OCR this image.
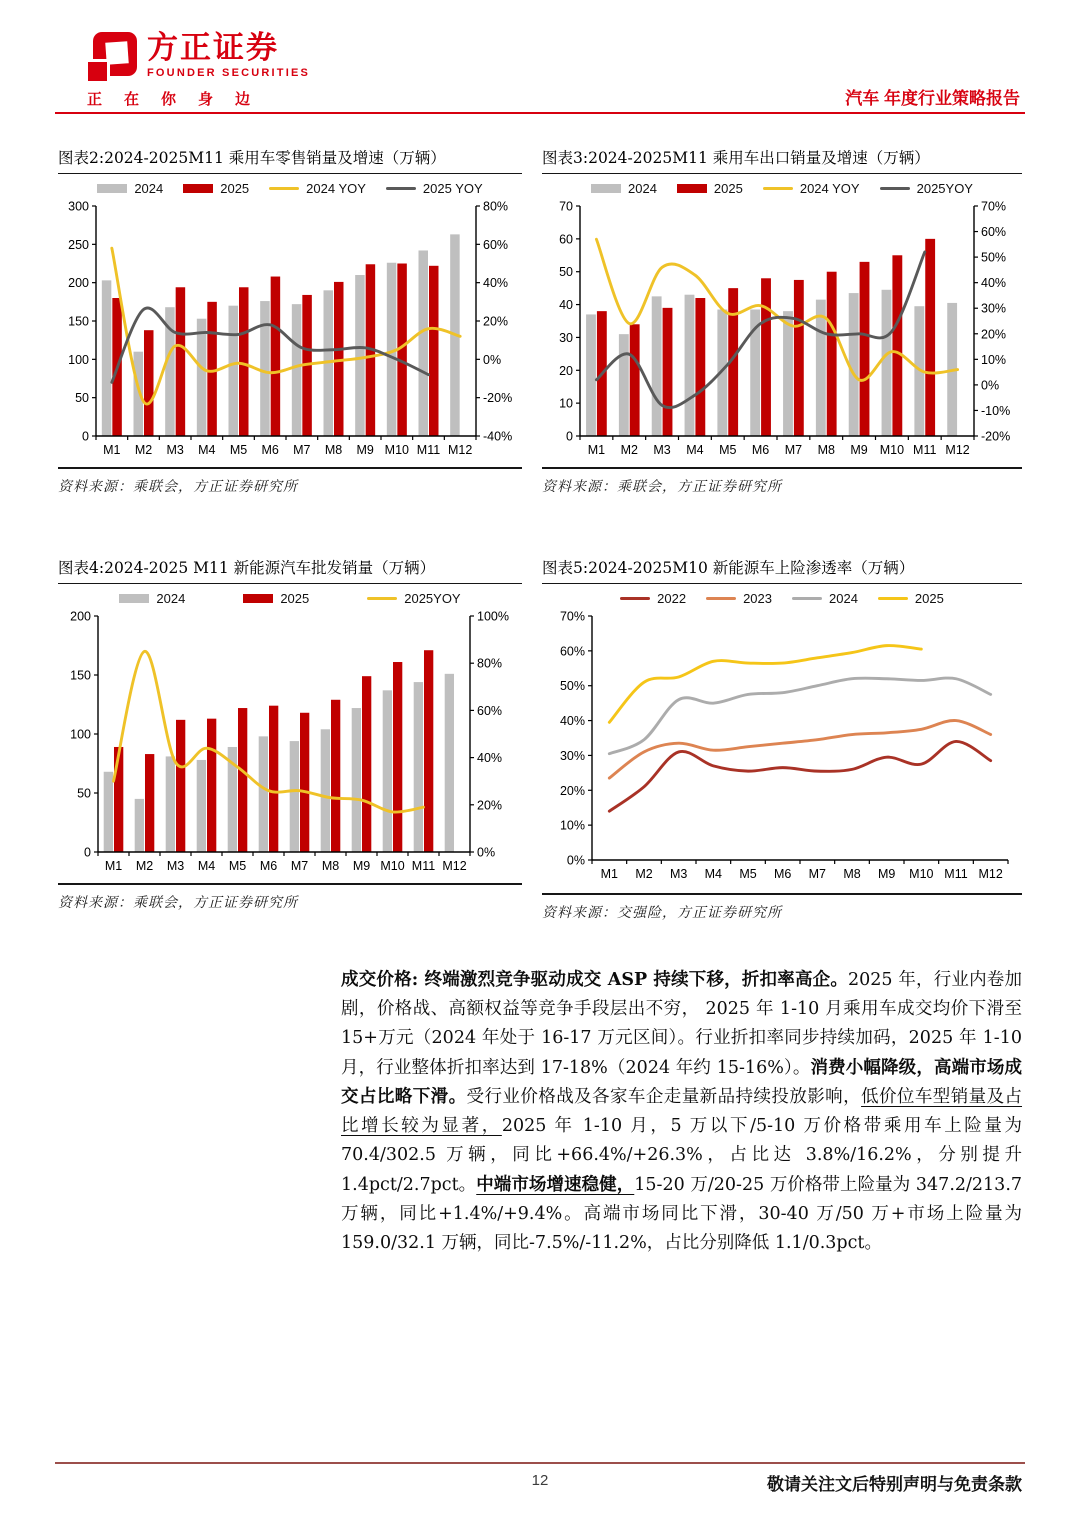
方正证券
FOUNDER SECURITIES
正在你身边	汽车 年度行业策略报告
图表2:2024-2025M11 乘用车零售销量及增速（万辆）
2024	2025	2024 YOY	2025 YOY
0
50
100
150
200
250
300
-40%
-20%
0%
20%
40%
60%
80%
M1 M2 M3 M4 M5 M6 M7 M8 M9 M10 M11 M12
资料来源：乘联会，方正证券研究所
图表3:2024-2025M11 乘用车出口销量及增速（万辆）
2024	2025	2024 YOY	2025YOY
0
10
20
30
40
50
60
70
-20%
-10%
0%
10%
20%
30%
40%
50%
60%
70%
M1 M2 M3 M4 M5 M6 M7 M8 M9 M10 M11 M12
资料来源：乘联会，方正证券研究所
图表4:2024-2025 M11 新能源汽车批发销量（万辆）
2024	2025	2025YOY
0
50
100
150
200
0%
20%
40%
60%
80%
100%
M1 M2 M3 M4 M5 M6 M7 M8 M9 M10 M11 M12
资料来源：乘联会，方正证券研究所
图表5:2024-2025M10 新能源车上险渗透率（万辆）
2022	2023	2024	2025
0%
10%
20%
30%
40%
50%
60%
70%
M1 M2 M3 M4 M5 M6 M7 M8 M9 M10 M11 M12
资料来源：交强险，方正证券研究所
成交价格: 终端激烈竞争驱动成交 ASP 持续下移，折扣率高企。2025 年，行业内卷加剧，价格战、高额权益等竞争手段层出不穷， 2025 年 1-10 月乘用车成交均价下滑至 15+万元（2024 年处于 16-17 万元区间）。行业折扣率同步持续加码，2025 年 1-10 月，行业整体折扣率达到 17-18%（2024 年约 15-16%）。消费小幅降级，高端市场成交占比略下滑。受行业价格战及各家车企走量新品持续投放影响，低价位车型销量及占比增长较为显著，2025 年 1-10 月，5 万以下/5-10 万价格带乘用车上险量为 70.4/302.5 万辆，同比+66.4%/+26.3%，占比达 3.8%/16.2%，分别提升 1.4pct/2.7pct。中端市场增速稳健，15-20 万/20-25 万价格带上险量为 347.2/213.7 万辆，同比+1.4%/+9.4%。高端市场同比下滑，30-40 万/50 万+市场上险量为 159.0/32.1 万辆，同比-7.5%/-11.2%，占比分别降低 1.1/0.3pct。
12	敬请关注文后特别声明与免责条款
